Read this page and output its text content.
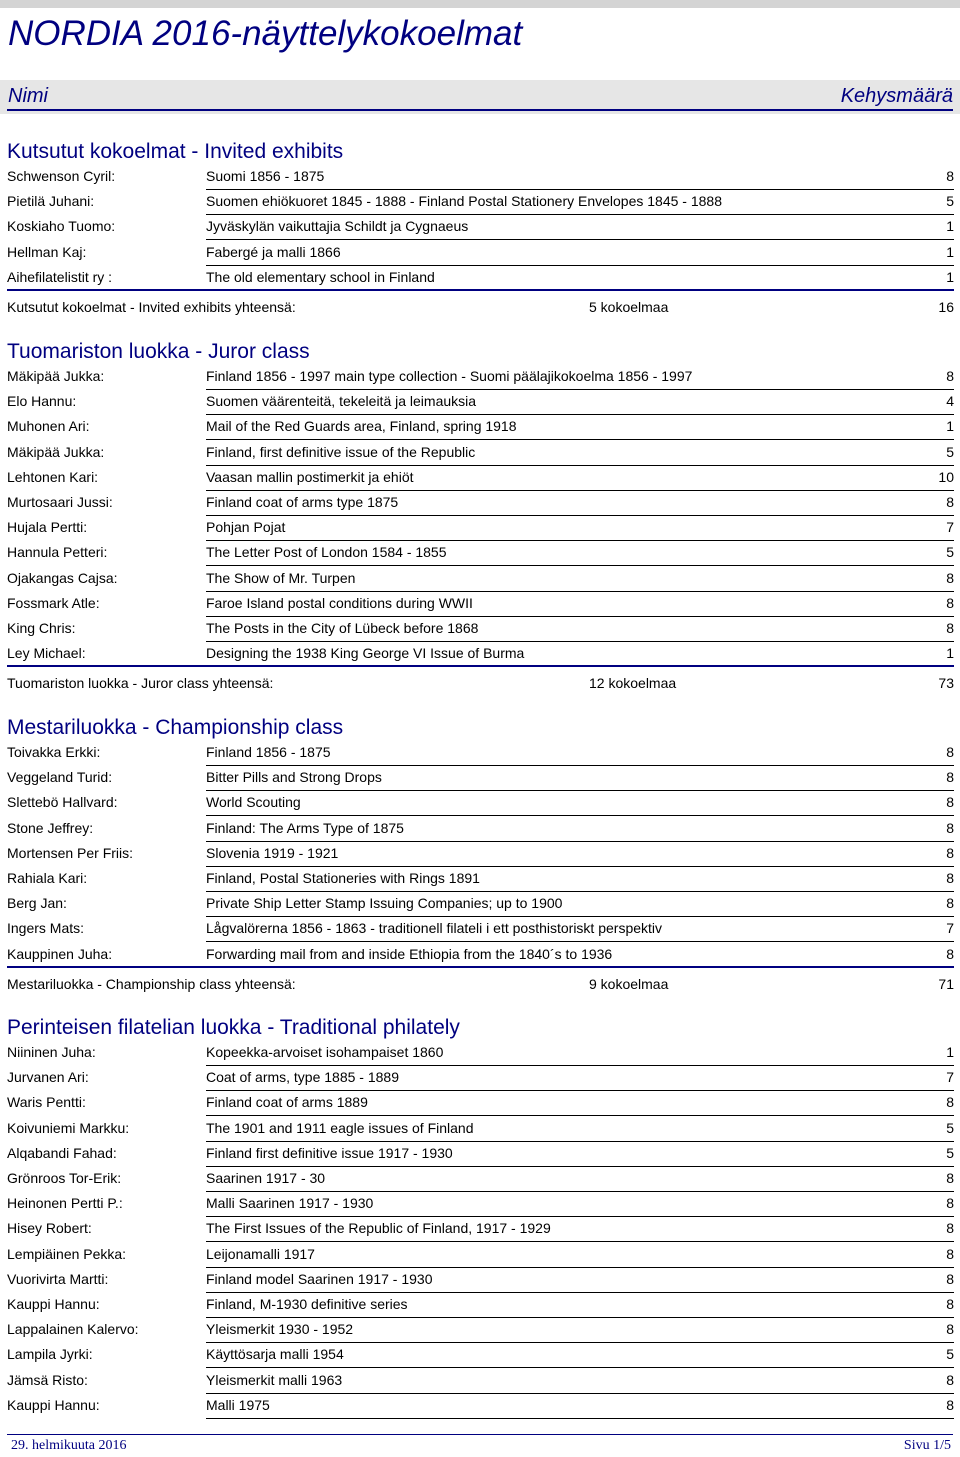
NORDIA 2016-näyttelykokoelmat
Nimi	Kehysmäärä
Kutsutut kokoelmat - Invited exhibits
Schwenson Cyril:	Suomi 1856 - 1875	8
Pietilä Juhani:	Suomen ehiökuoret 1845 - 1888 - Finland Postal Stationery Envelopes 1845 - 1888	5
Koskiaho Tuomo:	Jyväskylän vaikuttajia Schildt ja Cygnaeus	1
Hellman Kaj:	Fabergé ja malli 1866	1
Aihefilatelistit ry :	The old elementary school in Finland	1
Kutsutut kokoelmat - Invited exhibits yhteensä:	5 kokoelmaa	16
Tuomariston luokka - Juror class
Mäkipää Jukka:	Finland 1856 - 1997 main type collection - Suomi päälajikokoelma 1856 - 1997	8
Elo Hannu:	Suomen väärenteitä, tekeleitä ja leimauksia	4
Muhonen Ari:	Mail of the Red Guards area, Finland, spring 1918	1
Mäkipää Jukka:	Finland, first definitive issue of the Republic	5
Lehtonen Kari:	Vaasan mallin postimerkit ja ehiöt	10
Murtosaari Jussi:	Finland coat of arms type 1875	8
Hujala Pertti:	Pohjan Pojat	7
Hannula Petteri:	The Letter Post of London 1584 - 1855	5
Ojakangas Cajsa:	The Show of Mr. Turpen	8
Fossmark Atle:	Faroe Island postal conditions during WWII	8
King Chris:	The Posts in the City of Lübeck before 1868	8
Ley Michael:	Designing the 1938 King George VI Issue of Burma	1
Tuomariston luokka - Juror class yhteensä:	12 kokoelmaa	73
Mestariluokka - Championship class
Toivakka Erkki:	Finland 1856 - 1875	8
Veggeland Turid:	Bitter Pills and Strong Drops	8
Slettebö Hallvard:	World Scouting	8
Stone Jeffrey:	Finland: The Arms Type of 1875	8
Mortensen Per Friis:	Slovenia 1919 - 1921	8
Rahiala Kari:	Finland, Postal Stationeries with Rings 1891	8
Berg Jan:	Private Ship Letter Stamp Issuing Companies; up to 1900	8
Ingers Mats:	Lågvalörerna 1856 - 1863 - traditionell filateli i ett posthistoriskt perspektiv	7
Kauppinen Juha:	Forwarding mail from and inside Ethiopia from the 1840´s to 1936	8
Mestariluokka - Championship class yhteensä:	9 kokoelmaa	71
Perinteisen filatelian luokka - Traditional philately
Niininen Juha:	Kopeekka-arvoiset isohampaiset 1860	1
Jurvanen Ari:	Coat of arms, type 1885 - 1889	7
Waris Pentti:	Finland coat of arms 1889	8
Koivuniemi Markku:	The 1901 and 1911 eagle issues of Finland	5
Alqabandi Fahad:	Finland first definitive issue 1917 - 1930	5
Grönroos Tor-Erik:	Saarinen 1917 - 30	8
Heinonen Pertti P.:	Malli Saarinen 1917 - 1930	8
Hisey Robert:	The First Issues of the Republic of Finland, 1917 - 1929	8
Lempiäinen Pekka:	Leijonamalli 1917	8
Vuorivirta Martti:	Finland model Saarinen 1917 - 1930	8
Kauppi Hannu:	Finland, M-1930 definitive series	8
Lappalainen Kalervo:	Yleismerkit 1930 - 1952	8
Lampila Jyrki:	Käyttösarja malli 1954	5
Jämsä Risto:	Yleismerkit malli 1963	8
Kauppi Hannu:	Malli 1975	8
29. helmikuuta 2016	Sivu 1/5
